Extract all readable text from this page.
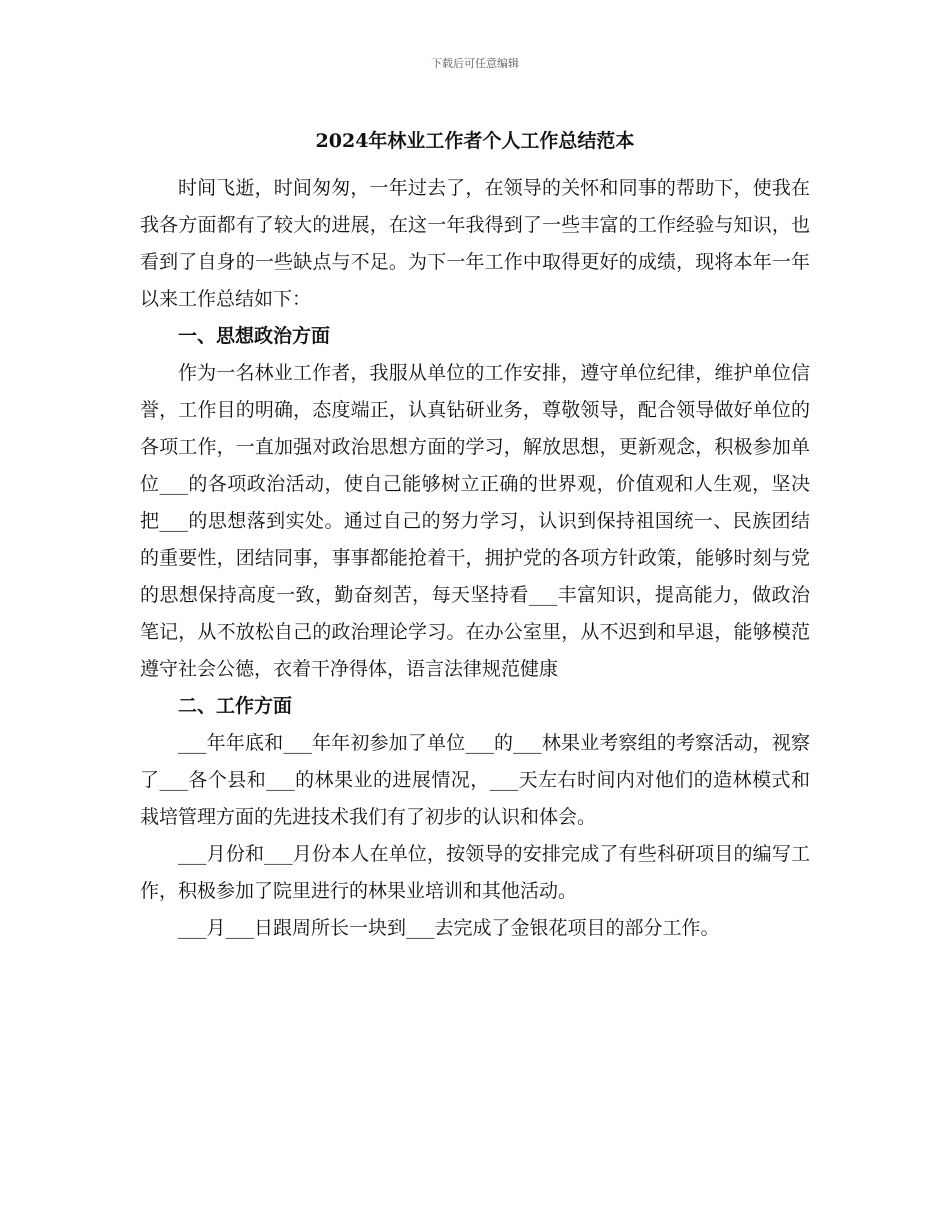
下载后可任意编辑
2024年林业工作者个人工作总结范本

时间飞逝，时间匆匆，一年过去了，在领导的关怀和同事的帮助下，使我在我各方面都有了较大的进展，在这一年我得到了一些丰富的工作经验与知识，也看到了自身的一些缺点与不足。为下一年工作中取得更好的成绩，现将本年一年以来工作总结如下：

一、思想政治方面

作为一名林业工作者，我服从单位的工作安排，遵守单位纪律，维护单位信誉，工作目的明确，态度端正，认真钻研业务，尊敬领导，配合领导做好单位的各项工作，一直加强对政治思想方面的学习，解放思想，更新观念，积极参加单位___的各项政治活动，使自己能够树立正确的世界观，价值观和人生观，坚决把___的思想落到实处。通过自己的努力学习，认识到保持祖国统一、民族团结的重要性，团结同事，事事都能抢着干，拥护党的各项方针政策，能够时刻与党的思想保持高度一致，勤奋刻苦，每天坚持看___丰富知识，提高能力，做政治笔记，从不放松自己的政治理论学习。在办公室里，从不迟到和早退，能够模范遵守社会公德，衣着干净得体，语言法律规范健康

二、工作方面

___年年底和___年年初参加了单位___的___林果业考察组的考察活动，视察了___各个县和___的林果业的进展情况，___天左右时间内对他们的造林模式和栽培管理方面的先进技术我们有了初步的认识和体会。

___月份和___月份本人在单位，按领导的安排完成了有些科研项目的编写工作，积极参加了院里进行的林果业培训和其他活动。

___月___日跟周所长一块到___去完成了金银花项目的部分工作。
